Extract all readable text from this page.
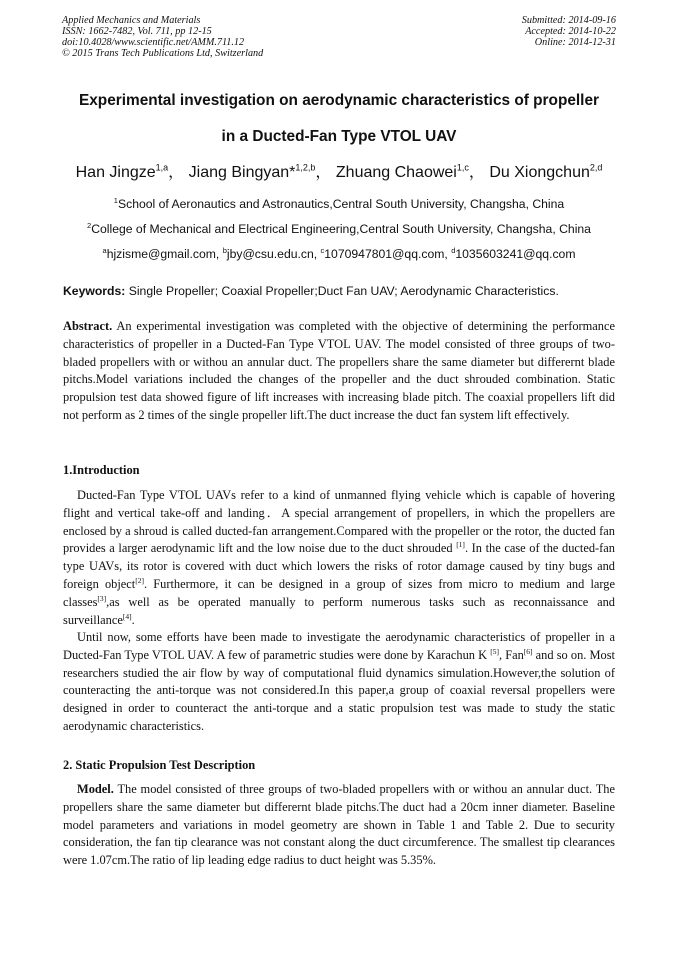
Applied Mechanics and Materials
ISSN: 1662-7482, Vol. 711, pp 12-15
doi:10.4028/www.scientific.net/AMM.711.12
© 2015 Trans Tech Publications Ltd, Switzerland
Submitted: 2014-09-16
Accepted: 2014-10-22
Online: 2014-12-31
Experimental investigation on aerodynamic characteristics of propeller
in a Ducted-Fan Type VTOL UAV
Han Jingze$^{1,a}$， Jiang Bingyan*$^{1,2,b}$， Zhuang Chaowei$^{1,c}$， Du Xiongchun$^{2,d}$
$^1$School of Aeronautics and Astronautics,Central South University, Changsha, China
$^2$College of Mechanical and Electrical Engineering,Central South University, Changsha, China
$^a$hjzisme@gmail.com, $^b$jby@csu.edu.cn, $^c$1070947801@qq.com, $^d$1035603241@qq.com
Keywords: Single Propeller; Coaxial Propeller;Duct Fan UAV; Aerodynamic Characteristics.
Abstract. An experimental investigation was completed with the objective of determining the performance characteristics of propeller in a Ducted-Fan Type VTOL UAV. The model consisted of three groups of two-bladed propellers with or withou an annular duct. The propellers share the same diameter but differernt blade pitchs.Model variations included the changes of the propeller and the duct shrouded combination. Static propulsion test data showed figure of lift increases with increasing blade pitch. The coaxial propellers lift did not perform as 2 times of the single propeller lift.The duct increase the duct fan system lift effectively.
1.Introduction
Ducted-Fan Type VTOL UAVs refer to a kind of unmanned flying vehicle which is capable of hovering flight and vertical take-off and landing．A special arrangement of propellers, in which the propellers are enclosed by a shroud is called ducted-fan arrangement.Compared with the propeller or the rotor, the ducted fan provides a larger aerodynamic lift and the low noise due to the duct shrouded [1]. In the case of the ducted-fan type UAVs, its rotor is covered with duct which lowers the risks of rotor damage caused by tiny bugs and foreign object[2]. Furthermore, it can be designed in a group of sizes from micro to medium and large classes[3],as well as be operated manually to perform numerous tasks such as reconnaissance and surveillance[4].
Until now, some efforts have been made to investigate the aerodynamic characteristics of propeller in a Ducted-Fan Type VTOL UAV. A few of parametric studies were done by Karachun K [5], Fan[6] and so on. Most researchers studied the air flow by way of computational fluid dynamics simulation.However,the solution of counteracting the anti-torque was not considered.In this paper,a group of coaxial reversal propellers were designed in order to counteract the anti-torque and a static propulsion test was made to study the static aerodynamic characteristics.
2. Static Propulsion Test Description
Model. The model consisted of three groups of two-bladed propellers with or withou an annular duct. The propellers share the same diameter but differernt blade pitchs.The duct had a 20cm inner diameter. Baseline model parameters and variations in model geometry are shown in Table 1 and Table 2. Due to security consideration, the fan tip clearance was not constant along the duct circumference. The smallest tip clearances were 1.07cm.The ratio of lip leading edge radius to duct height was 5.35%.
